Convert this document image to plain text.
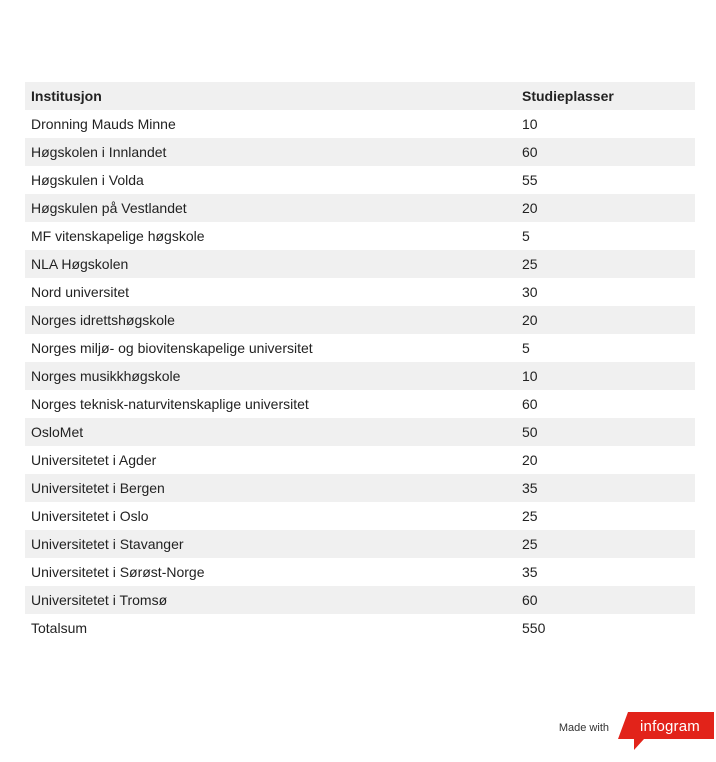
Institusjon	Studieplasser
Dronning Mauds Minne	10
Høgskolen i Innlandet	60
Høgskulen i Volda	55
Høgskulen på Vestlandet	20
MF vitenskapelige høgskole	5
NLA Høgskolen	25
Nord universitet	30
Norges idrettshøgskole	20
Norges miljø- og biovitenskapelige universitet	5
Norges musikkhøgskole	10
Norges teknisk-naturvitenskaplige universitet	60
OsloMet	50
Universitetet i Agder	20
Universitetet i Bergen	35
Universitetet i Oslo	25
Universitetet i Stavanger	25
Universitetet i Sørøst-Norge	35
Universitetet i Tromsø	60
Totalsum	550
Made with infogram
